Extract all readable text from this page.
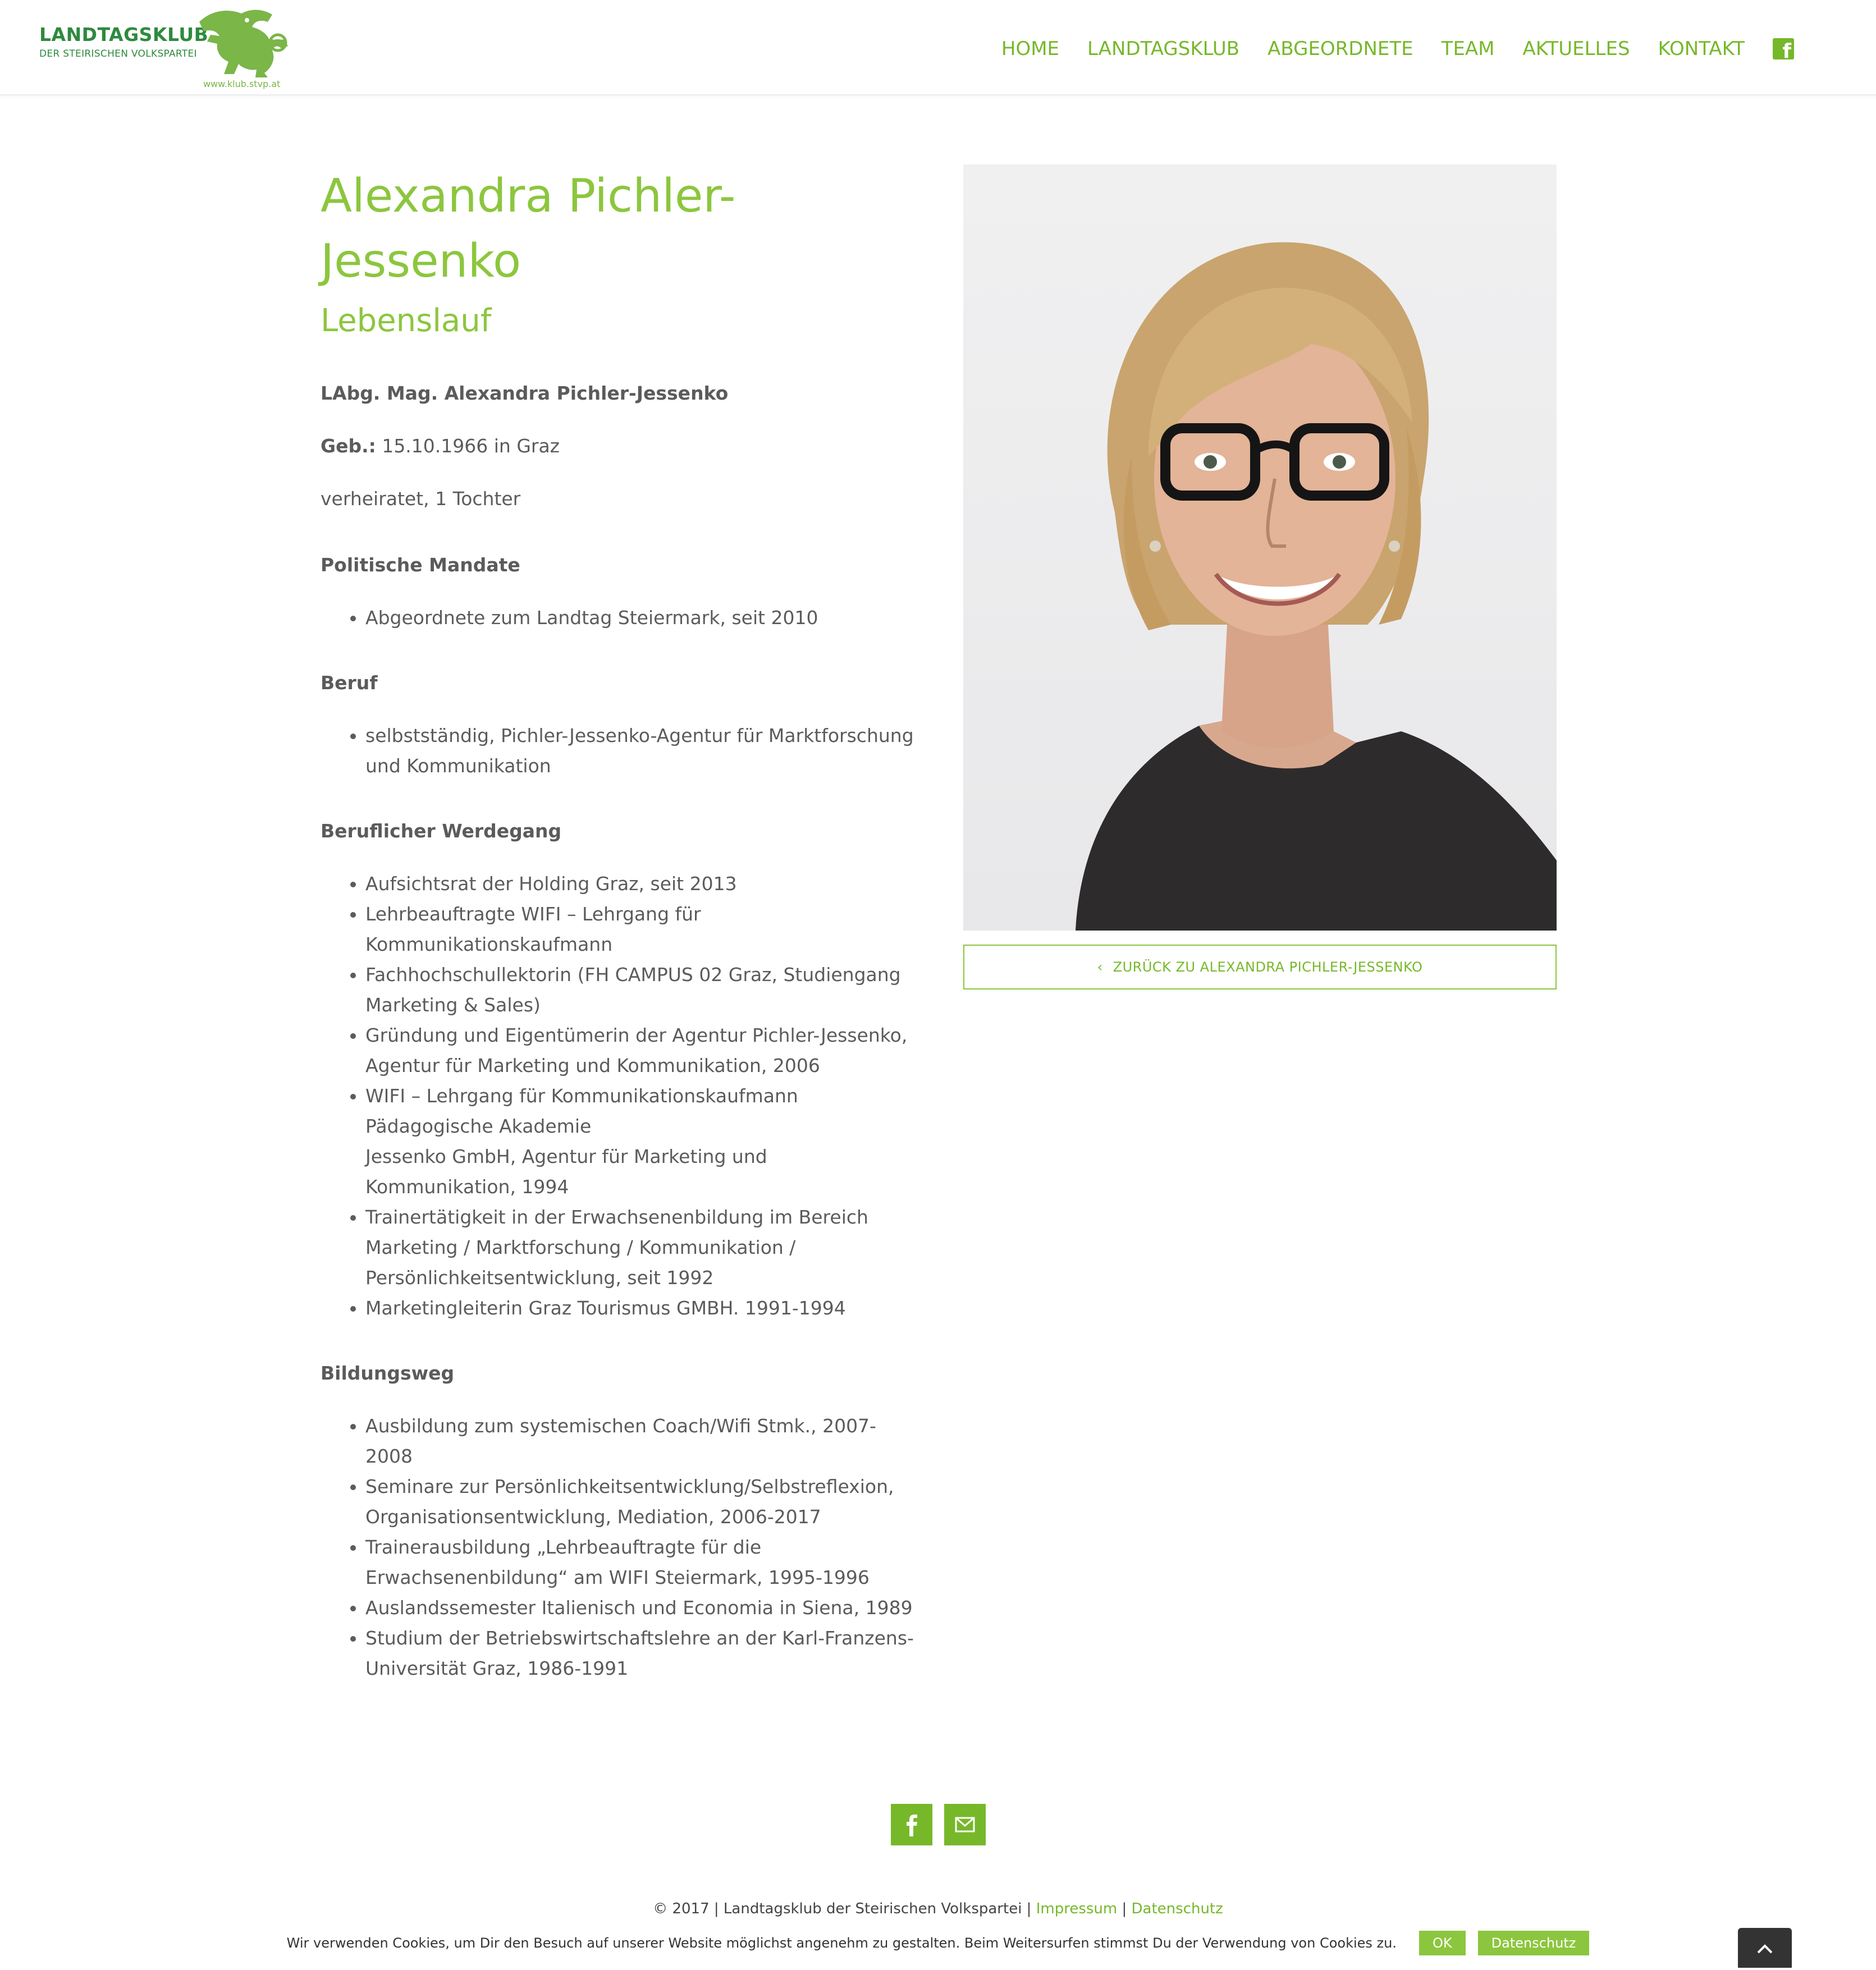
LANDTAGSKLUB
DER STEIRISCHEN VOLKSPARTEI
www.klub.stvp.at
HOME LANDTAGSKLUB ABGEORDNETE TEAM AKTUELLES KONTAKT f
Alexandra Pichler-
Jessenko
Lebenslauf
LAbg. Mag. Alexandra Pichler-Jessenko
Geb.: 15.10.1966 in Graz
verheiratet, 1 Tochter
Politische Mandate
• Abgeordnete zum Landtag Steiermark, seit 2010
Beruf
• selbstständig, Pichler-Jessenko-Agentur für Marktforschung und Kommunikation
Beruflicher Werdegang
• Aufsichtsrat der Holding Graz, seit 2013
• Lehrbeauftragte WIFI – Lehrgang für Kommunikationskaufmann
• Fachhochschullektorin (FH CAMPUS 02 Graz, Studiengang Marketing & Sales)
• Gründung und Eigentümerin der Agentur Pichler-Jessenko, Agentur für Marketing und Kommunikation, 2006
• WIFI – Lehrgang für Kommunikationskaufmann Pädagogische Akademie
Jessenko GmbH, Agentur für Marketing und Kommunikation, 1994
• Trainertätigkeit in der Erwachsenenbildung im Bereich Marketing / Marktforschung / Kommunikation / Persönlichkeitsentwicklung, seit 1992
• Marketingleiterin Graz Tourismus GMBH. 1991-1994
Bildungsweg
• Ausbildung zum systemischen Coach/Wifi Stmk., 2007-2008
• Seminare zur Persönlichkeitsentwicklung/Selbstreflexion, Organisationsentwicklung, Mediation, 2006-2017
• Trainerausbildung „Lehrbeauftragte für die Erwachsenenbildung“ am WIFI Steiermark, 1995-1996
• Auslandssemester Italienisch und Economia in Siena, 1989
• Studium der Betriebswirtschaftslehre an der Karl-Franzens-Universität Graz, 1986-1991
‹ ZURÜCK ZU ALEXANDRA PICHLER-JESSENKO
© 2017 | Landtagsklub der Steirischen Volkspartei | Impressum | Datenschutz
Wir verwenden Cookies, um Dir den Besuch auf unserer Website möglichst angenehm zu gestalten. Beim Weitersurfen stimmst Du der Verwendung von Cookies zu.	OK	Datenschutz
